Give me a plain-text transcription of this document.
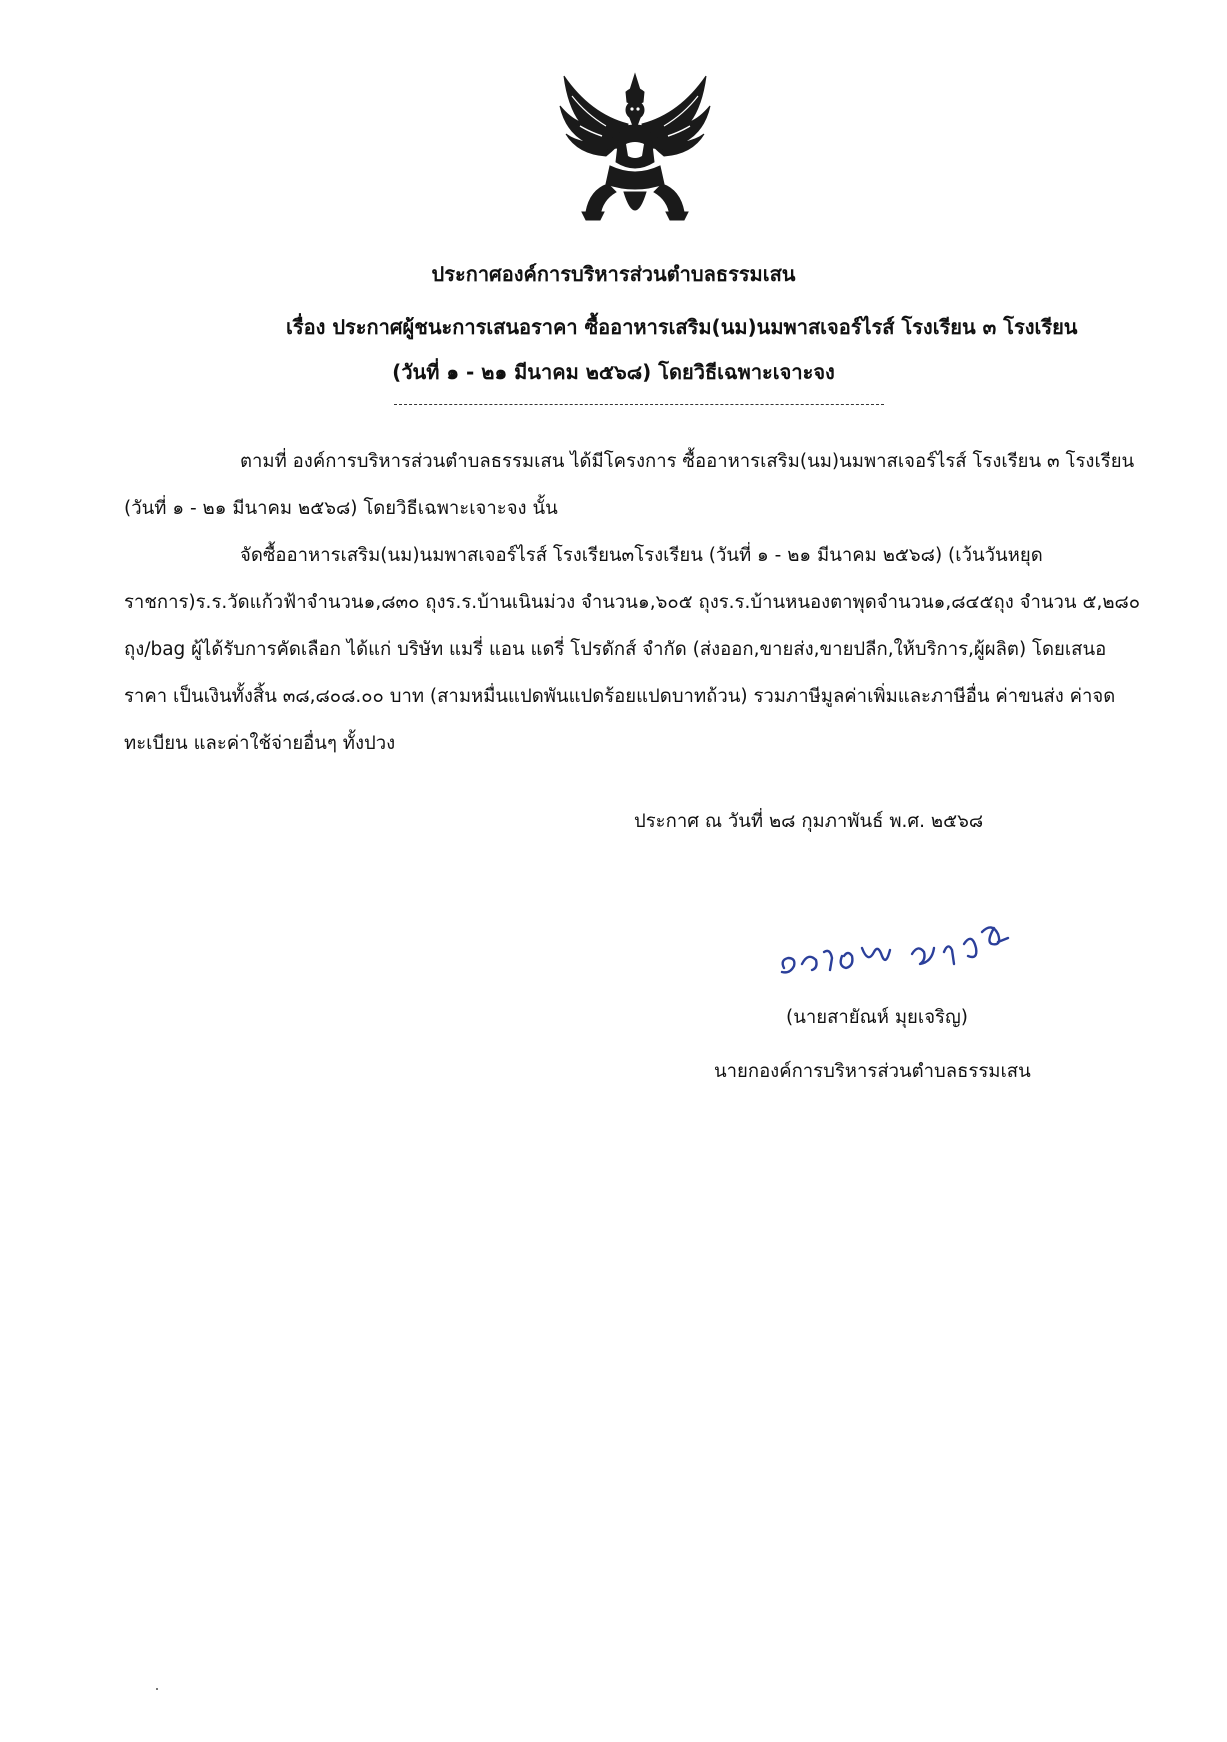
ประกาศองค์การบริหารส่วนตำบลธรรมเสน
เรื่อง ประกาศผู้ชนะการเสนอราคา ซื้ออาหารเสริม(นม)นมพาสเจอร์ไรส์ โรงเรียน ๓ โรงเรียน
(วันที่ ๑ - ๒๑ มีนาคม ๒๕๖๘) โดยวิธีเฉพาะเจาะจง
ตามที่ องค์การบริหารส่วนตำบลธรรมเสน ได้มีโครงการ ซื้ออาหารเสริม(นม)นมพาสเจอร์ไรส์ โรงเรียน ๓ โรงเรียน (วันที่ ๑ - ๒๑ มีนาคม ๒๕๖๘) โดยวิธีเฉพาะเจาะจง นั้น
จัดซื้ออาหารเสริม(นม)นมพาสเจอร์ไรส์ โรงเรียน๓โรงเรียน (วันที่ ๑ - ๒๑ มีนาคม ๒๕๖๘) (เว้นวันหยุดราชการ)ร.ร.วัดแก้วฟ้าจำนวน๑,๘๓๐ ถุงร.ร.บ้านเนินม่วง จำนวน๑,๖๐๕ ถุงร.ร.บ้านหนองตาพุดจำนวน๑,๘๔๕ถุง จำนวน ๕,๒๘๐ ถุง/bag ผู้ได้รับการคัดเลือก ได้แก่ บริษัท แมรี่ แอน แดรี่ โปรดักส์ จำกัด (ส่งออก,ขายส่ง,ขายปลีก,ให้บริการ,ผู้ผลิต) โดยเสนอราคา เป็นเงินทั้งสิ้น ๓๘,๘๐๘.๐๐ บาท (สามหมื่นแปดพันแปดร้อยแปดบาทถ้วน) รวมภาษีมูลค่าเพิ่มและภาษีอื่น ค่าขนส่ง ค่าจดทะเบียน และค่าใช้จ่ายอื่นๆ ทั้งปวง
ประกาศ ณ วันที่ ๒๘ กุมภาพันธ์ พ.ศ. ๒๕๖๘
(นายสายัณห์ มุยเจริญ)
นายกองค์การบริหารส่วนตำบลธรรมเสน
